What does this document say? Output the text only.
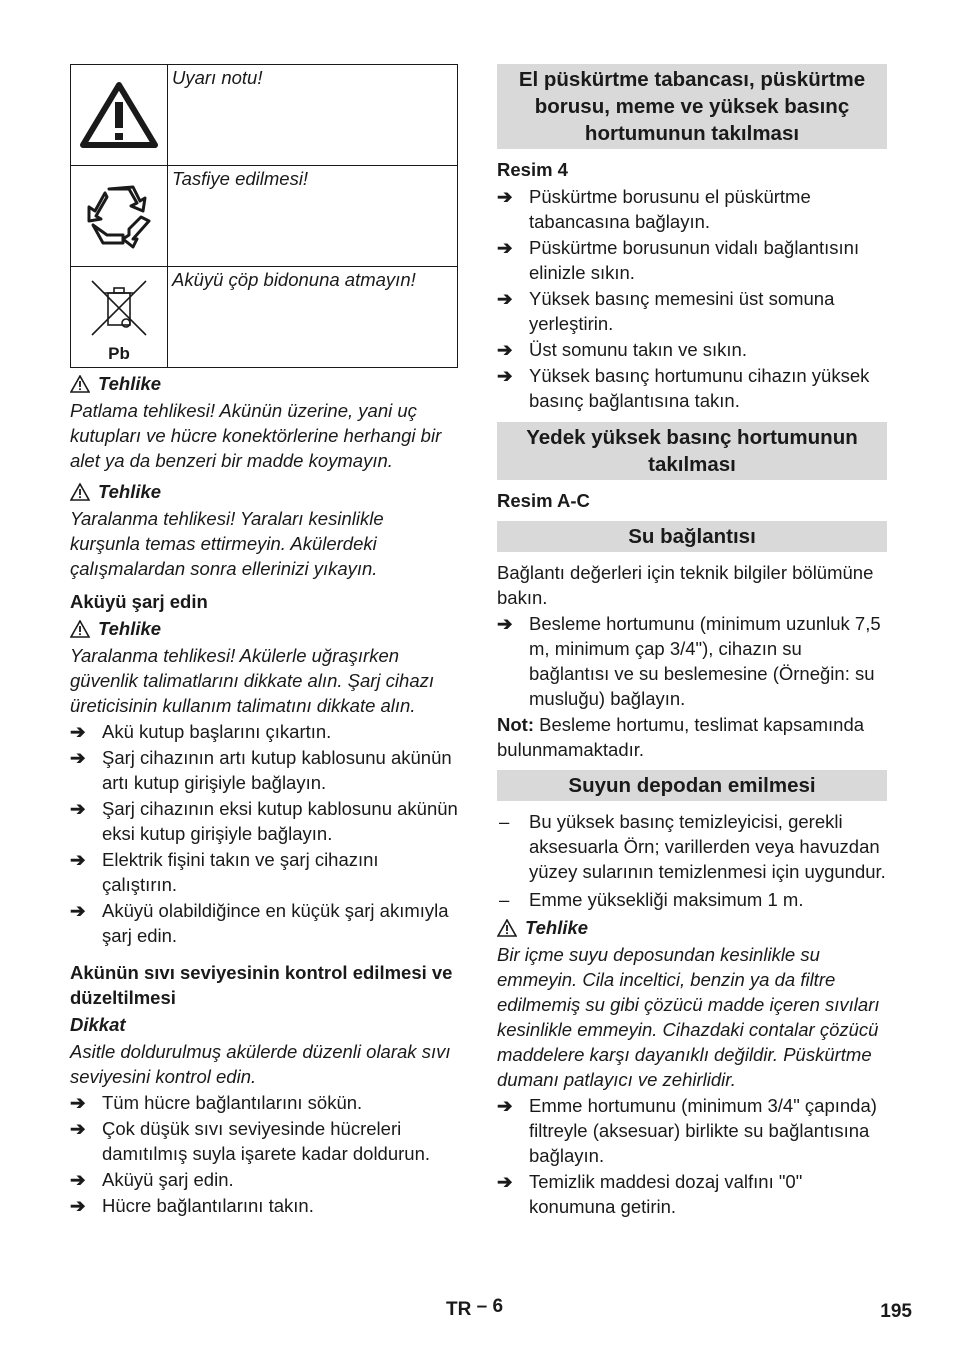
	Uyarı notu!

	Tasfiye edilmesi!

Pb	Aküyü çöp bidonuna atmayın!
Tehlike

Patlama tehlikesi! Akünün üzerine, yani uç kutupları ve hücre konektörlerine herhangi bir alet ya da benzeri bir madde koymayın.

Tehlike

Yaralanma tehlikesi! Yaraları kesinlikle kurşunla temas ettirmeyin. Akülerdeki çalışmalardan sonra ellerinizi yıkayın.

Aküyü şarj edin
Tehlike

Yaralanma tehlikesi! Akülerle uğraşırken güvenlik talimatlarını dikkate alın. Şarj cihazı üreticisinin kullanım talimatını dikkate alın.

➔ Akü kutup başlarını çıkartın.
➔ Şarj cihazının artı kutup kablosunu akünün artı kutup girişiyle bağlayın.
➔ Şarj cihazının eksi kutup kablosunu akünün eksi kutup girişiyle bağlayın.
➔ Elektrik fişini takın ve şarj cihazını çalıştırın.
➔ Aküyü olabildiğince en küçük şarj akımıyla şarj edin.
Akünün sıvı seviyesinin kontrol edilmesi ve düzeltilmesi
Dikkat

Asitle doldurulmuş akülerde düzenli olarak sıvı seviyesini kontrol edin.

➔ Tüm hücre bağlantılarını sökün.
➔ Çok düşük sıvı seviyesinde hücreleri damıtılmış suyla işarete kadar doldurun.
➔ Aküyü şarj edin.
➔ Hücre bağlantılarını takın.
El püskürtme tabancası, püskürtme borusu, meme ve yüksek basınç hortumunun takılması
Resim 4
➔ Püskürtme borusunu el püskürtme tabancasına bağlayın.
➔ Püskürtme borusunun vidalı bağlantısını elinizle sıkın.
➔ Yüksek basınç memesini üst somuna yerleştirin.
➔ Üst somunu takın ve sıkın.
➔ Yüksek basınç hortumunu cihazın yüksek basınç bağlantısına takın.
Yedek yüksek basınç hortumunun takılması
Resim A-C
Su bağlantısı

Bağlantı değerleri için teknik bilgiler bölümüne bakın.

➔ Besleme hortumunu (minimum uzunluk 7,5 m, minimum çap 3/4"), cihazın su bağlantısı ve su beslemesine (Örneğin: su musluğu) bağlayın.

Not: Besleme hortumu, teslimat kapsamında bulunmamaktadır.

Suyun depodan emilmesi
–	Bu yüksek basınç temizleyicisi, gerekli aksesuarla Örn; varillerden veya havuzdan yüzey sularının temizlenmesi için uygundur.
–	Emme yüksekliği maksimum 1 m.
Tehlike

Bir içme suyu deposundan kesinlikle su emmeyin. Cila inceltici, benzin ya da filtre edilmemiş su gibi çözücü madde içeren sıvıları kesinlikle emmeyin. Cihazdaki contalar çözücü maddelere karşı dayanıklı değildir. Püskürtme dumanı patlayıcı ve zehirlidir.

➔ Emme hortumunu (minimum 3/4" çapında) filtreyle (aksesuar) birlikte su bağlantısına bağlayın.
➔ Temizlik maddesi dozaj valfını "0" konumuna getirin.
TR – 6	195
